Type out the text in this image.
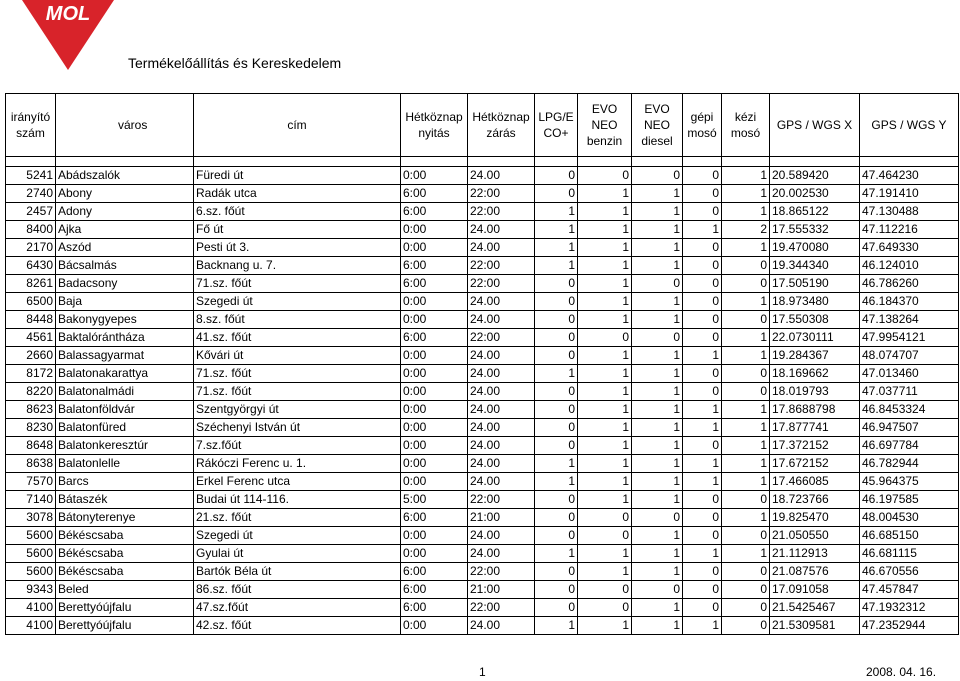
MOL
Termékelőállítás és Kereskedelem
irányító szám	város	cím	Hétköznap nyitás	Hétköznap zárás	LPG/E CO+	EVO NEO benzin	EVO NEO diesel	gépi mosó	kézi mosó	GPS / WGS X	GPS / WGS Y

5241	Abádszalók	Füredi út	0:00	24.00	0	0	0	0	1	20.589420	47.464230
2740	Abony	Radák utca	6:00	22:00	0	1	1	0	1	20.002530	47.191410
2457	Adony	6.sz. főút	6:00	22:00	1	1	1	0	1	18.865122	47.130488
8400	Ajka	Fő út	0:00	24.00	1	1	1	1	2	17.555332	47.112216
2170	Aszód	Pesti út 3.	0:00	24.00	1	1	1	0	1	19.470080	47.649330
6430	Bácsalmás	Backnang u. 7.	6:00	22:00	1	1	1	0	0	19.344340	46.124010
8261	Badacsony	71.sz. főút	6:00	22:00	0	1	0	0	0	17.505190	46.786260
6500	Baja	Szegedi út	0:00	24.00	0	1	1	0	1	18.973480	46.184370
8448	Bakonygyepes	8.sz. főút	0:00	24.00	0	1	1	0	0	17.550308	47.138264
4561	Baktalórántháza	41.sz. főút	6:00	22:00	0	0	0	0	1	22.0730111	47.9954121
2660	Balassagyarmat	Kővári út	0:00	24.00	0	1	1	1	1	19.284367	48.074707
8172	Balatonakarattya	71.sz. főút	0:00	24.00	1	1	1	0	0	18.169662	47.013460
8220	Balatonalmádi	71.sz. főút	0:00	24.00	0	1	1	0	0	18.019793	47.037711
8623	Balatonföldvár	Szentgyörgyi út	0:00	24.00	0	1	1	1	1	17.8688798	46.8453324
8230	Balatonfüred	Széchenyi István út	0:00	24.00	0	1	1	1	1	17.877741	46.947507
8648	Balatonkeresztúr	7.sz.főút	0:00	24.00	0	1	1	0	1	17.372152	46.697784
8638	Balatonlelle	Rákóczi Ferenc u. 1.	0:00	24.00	1	1	1	1	1	17.672152	46.782944
7570	Barcs	Erkel Ferenc utca	0:00	24.00	1	1	1	1	1	17.466085	45.964375
7140	Bátaszék	Budai út 114-116.	5:00	22:00	0	1	1	0	0	18.723766	46.197585
3078	Bátonyterenye	21.sz. főút	6:00	21:00	0	0	0	0	1	19.825470	48.004530
5600	Békéscsaba	Szegedi út	0:00	24.00	0	0	1	0	0	21.050550	46.685150
5600	Békéscsaba	Gyulai út	0:00	24.00	1	1	1	1	1	21.112913	46.681115
5600	Békéscsaba	Bartók Béla út	6:00	22:00	0	1	1	0	0	21.087576	46.670556
9343	Beled	86.sz. főút	6:00	21:00	0	0	0	0	0	17.091058	47.457847
4100	Berettyóújfalu	47.sz.főút	6:00	22:00	0	0	1	0	0	21.5425467	47.1932312
4100	Berettyóújfalu	42.sz. főút	0:00	24.00	1	1	1	1	0	21.5309581	47.2352944
1	2008. 04. 16.
